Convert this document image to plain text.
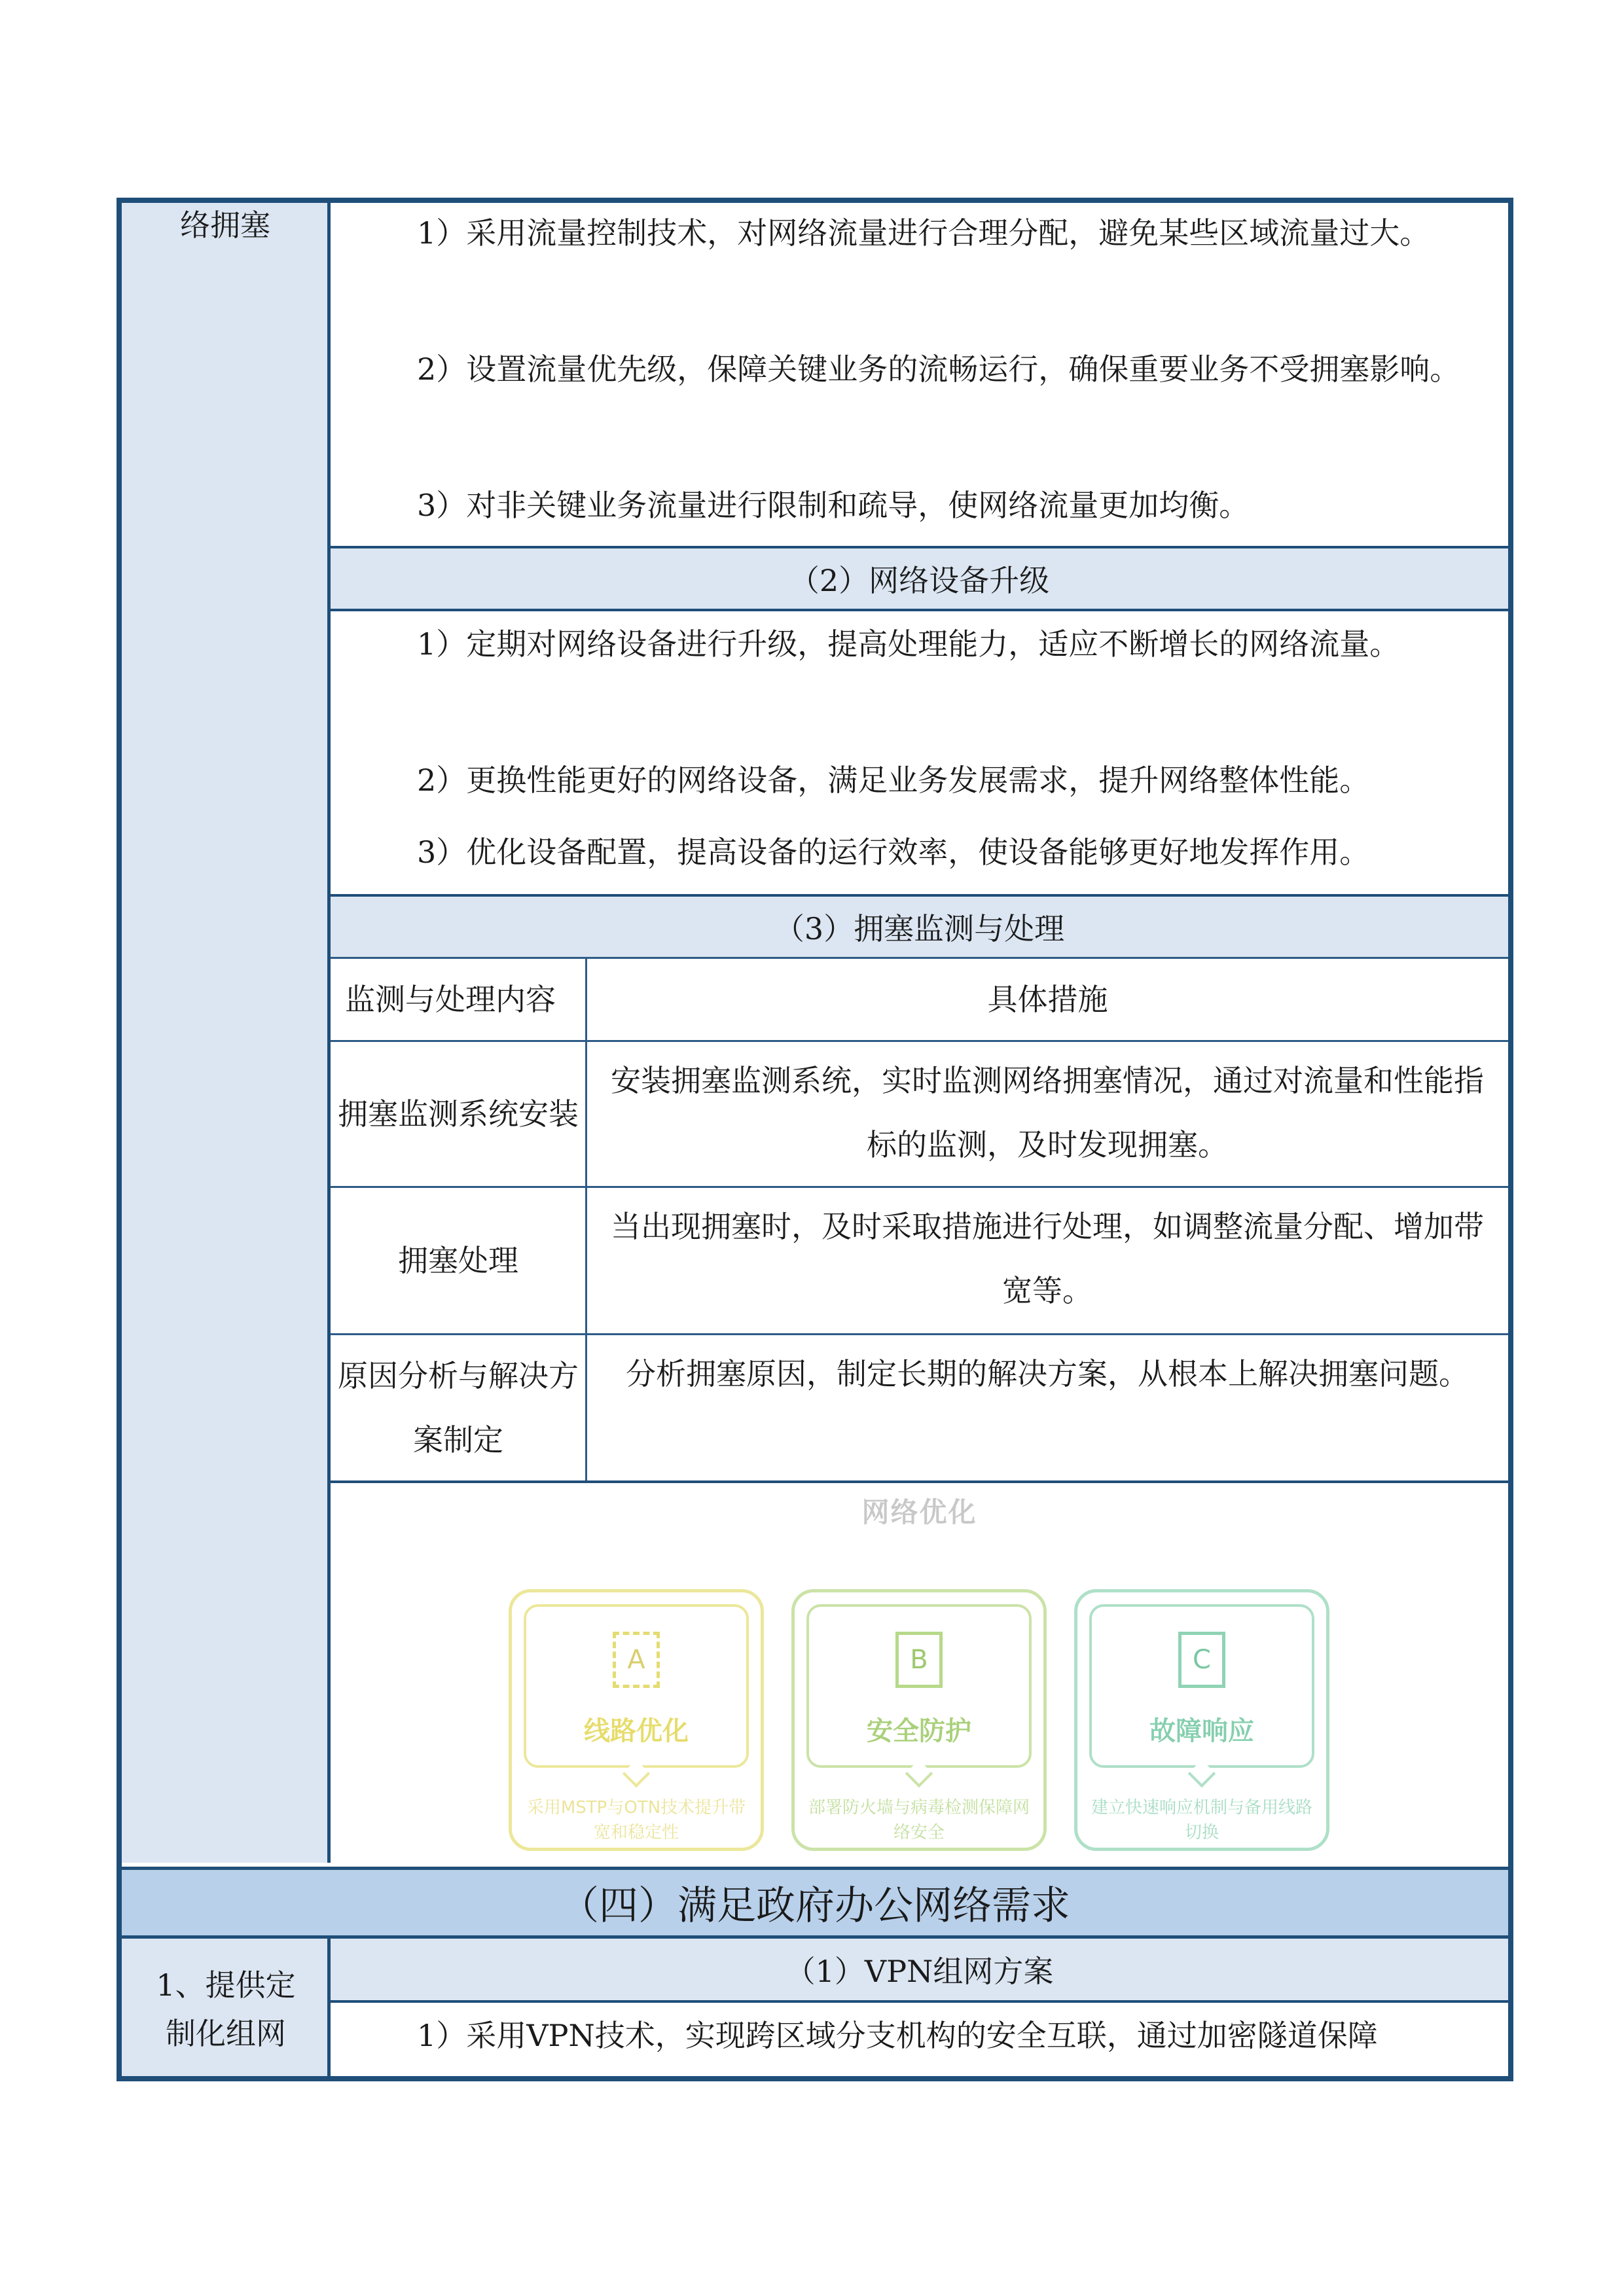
络拥塞
1、提供定制化组网
1）采用流量控制技术，对网络流量进行合理分配，避免某些区域流量过大。
2）设置流量优先级，保障关键业务的流畅运行，确保重要业务不受拥塞影响。
3）对非关键业务流量进行限制和疏导，使网络流量更加均衡。
（2）网络设备升级
1）定期对网络设备进行升级，提高处理能力，适应不断增长的网络流量。
2）更换性能更好的网络设备，满足业务发展需求，提升网络整体性能。
3）优化设备配置，提高设备的运行效率，使设备能够更好地发挥作用。
（3）拥塞监测与处理
监测与处理内容	具体措施
拥塞监测系统安装
安装拥塞监测系统，实时监测网络拥塞情况，通过对流量和性能指标的监测，及时发现拥塞。
拥塞处理
当出现拥塞时，及时采取措施进行处理，如调整流量分配、增加带宽等。
原因分析与解决方案制定
分析拥塞原因，制定长期的解决方案，从根本上解决拥塞问题。
网络优化
A
线路优化
采用MSTP与OTN技术提升带宽和稳定性
B
安全防护
部署防火墙与病毒检测保障网络安全
C
故障响应
建立快速响应机制与备用线路切换
（四）满足政府办公网络需求
（1）VPN组网方案
1）采用VPN技术，实现跨区域分支机构的安全互联，通过加密隧道保障
